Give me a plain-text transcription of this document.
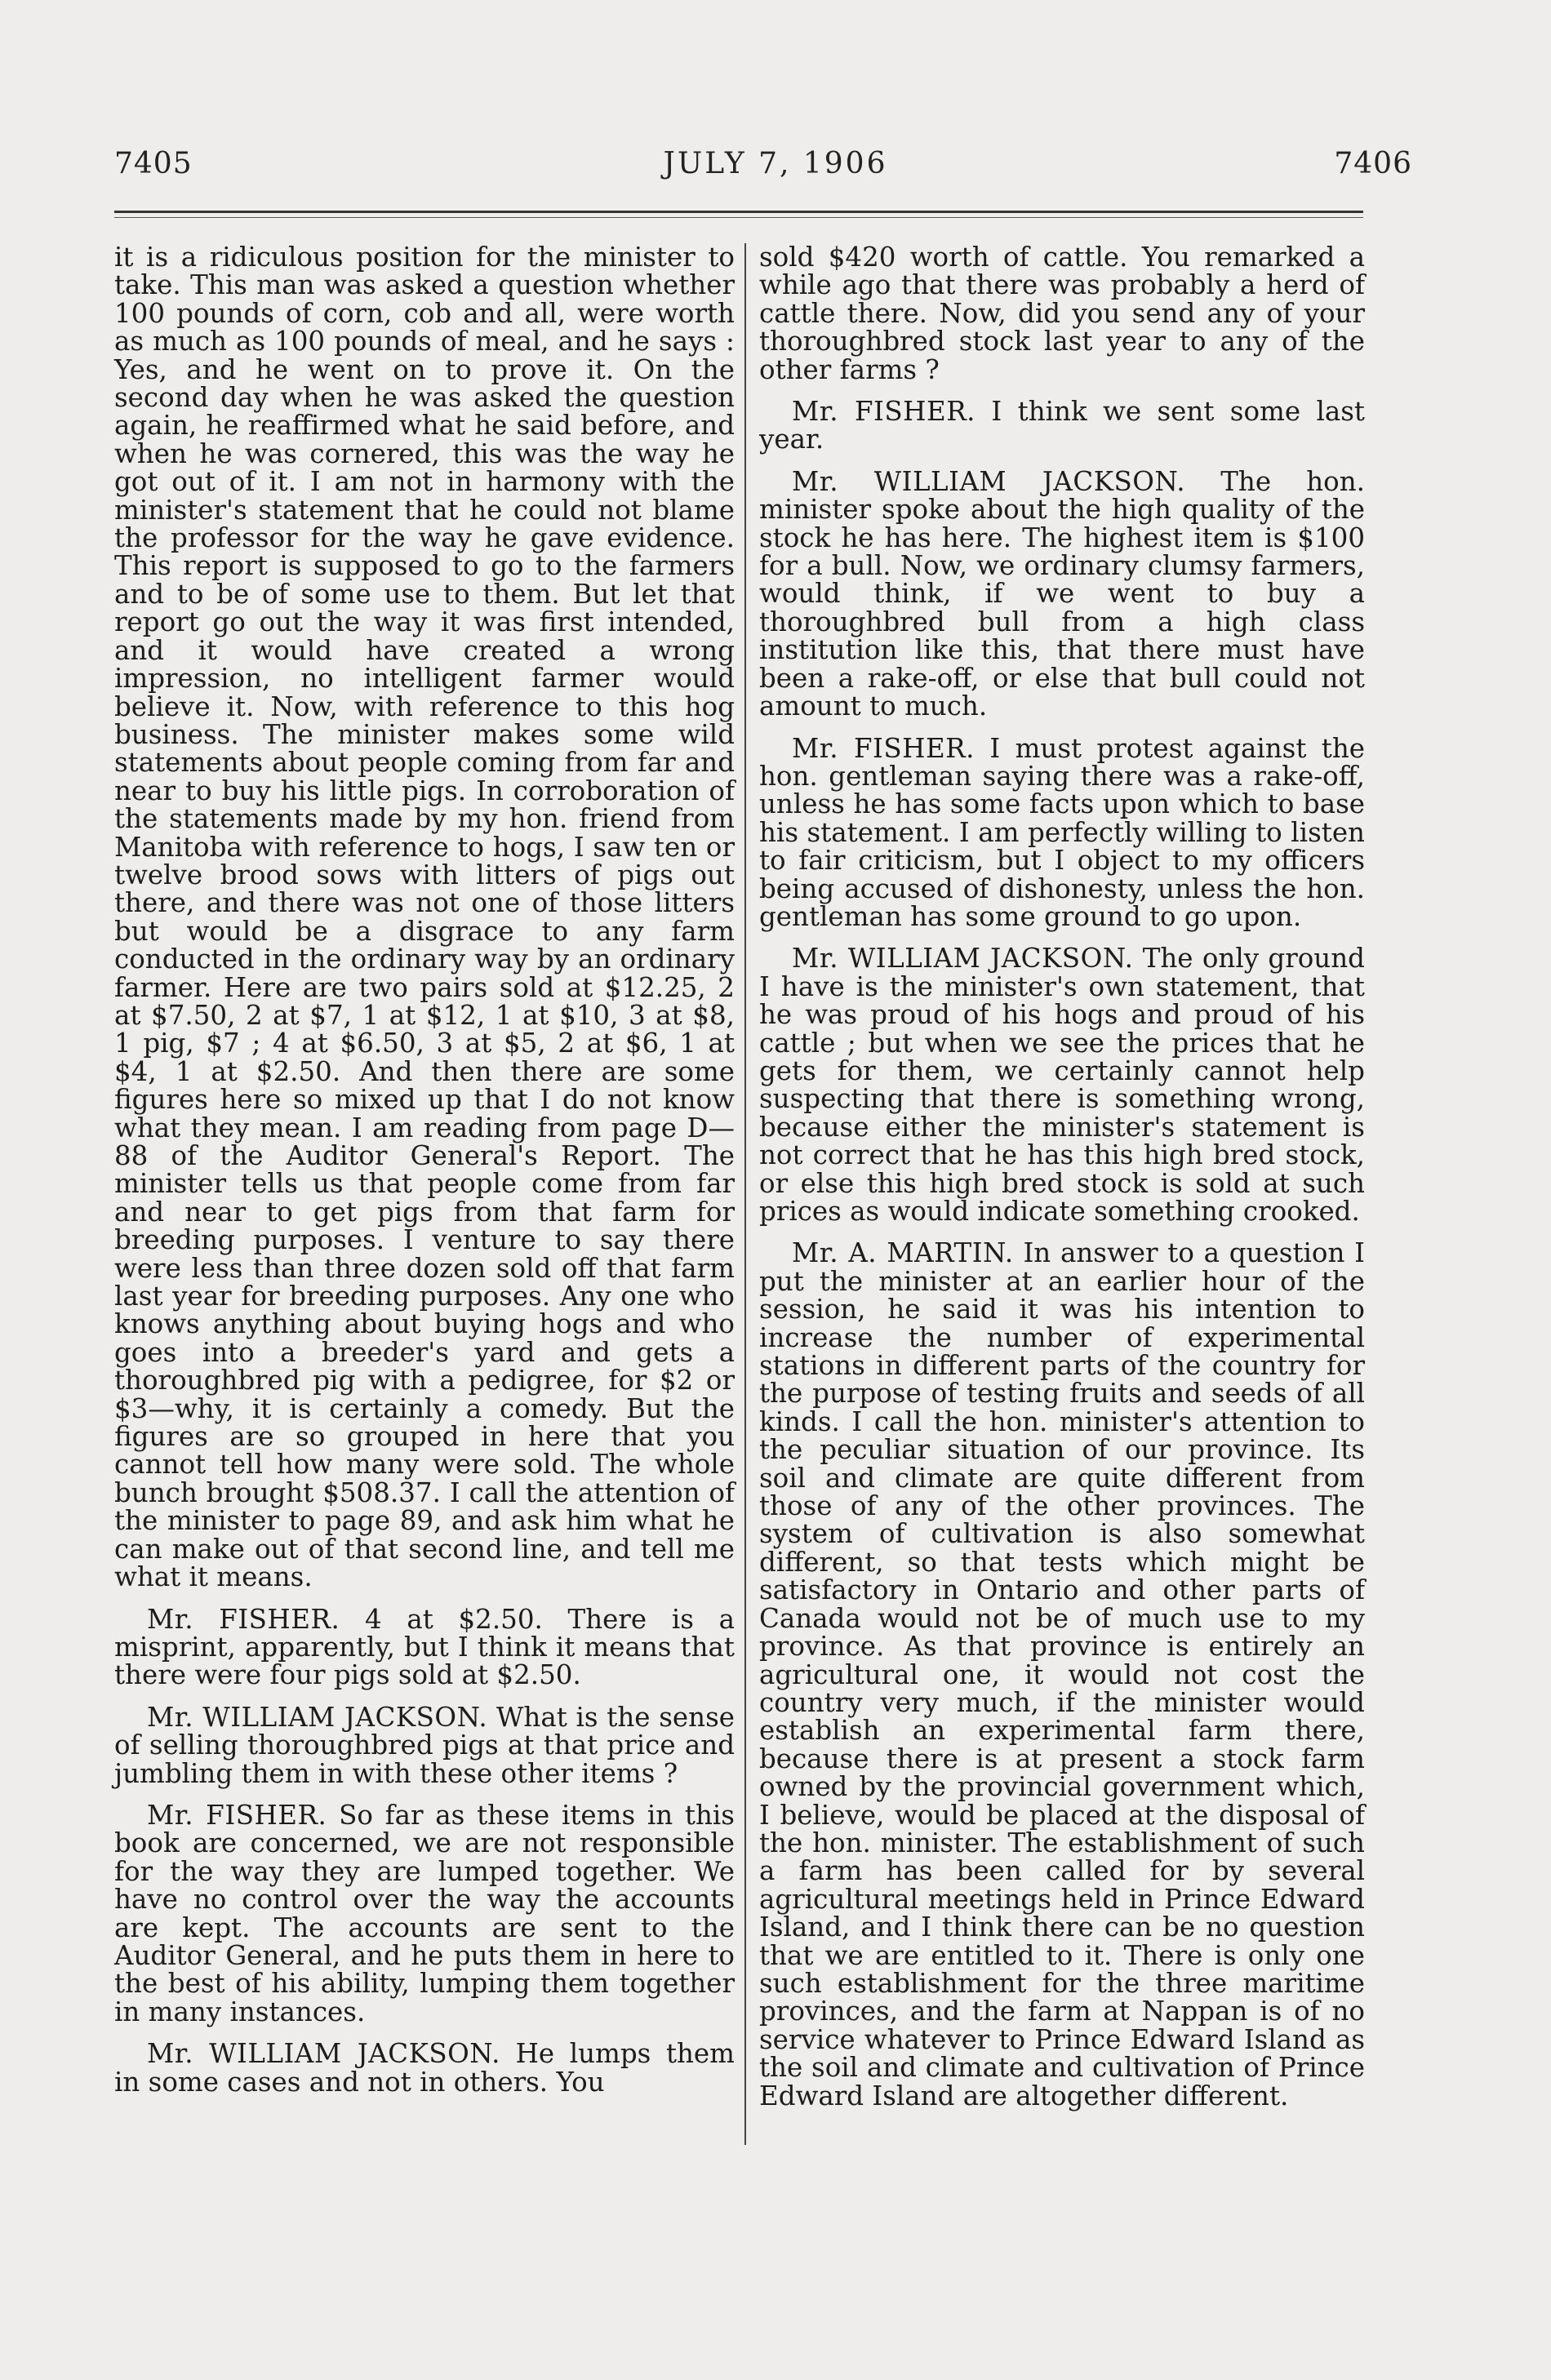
7405	JULY 7, 1906	7406

it is a ridiculous position for the minister to take. This man was asked a question whether 100 pounds of corn, cob and all, were worth as much as 100 pounds of meal, and he says : Yes, and he went on to prove it. On the second day when he was asked the question again, he reaffirmed what he said before, and when he was cornered, this was the way he got out of it. I am not in harmony with the minister's statement that he could not blame the professor for the way he gave evidence. This report is supposed to go to the farmers and to be of some use to them. But let that report go out the way it was first intended, and it would have created a wrong impression, no intelligent farmer would believe it. Now, with reference to this hog business. The minister makes some wild statements about people coming from far and near to buy his little pigs. In corroboration of the statements made by my hon. friend from Manitoba with reference to hogs, I saw ten or twelve brood sows with litters of pigs out there, and there was not one of those litters but would be a disgrace to any farm conducted in the ordinary way by an ordinary farmer. Here are two pairs sold at $12.25, 2 at $7.50, 2 at $7, 1 at $12, 1 at $10, 3 at $8, 1 pig, $7 ; 4 at $6.50, 3 at $5, 2 at $6, 1 at $4, 1 at $2.50. And then there are some figures here so mixed up that I do not know what they mean. I am reading from page D—88 of the Auditor General's Report. The minister tells us that people come from far and near to get pigs from that farm for breeding purposes. I venture to say there were less than three dozen sold off that farm last year for breeding purposes. Any one who knows anything about buying hogs and who goes into a breeder's yard and gets a thoroughbred pig with a pedigree, for $2 or $3—why, it is certainly a comedy. But the figures are so grouped in here that you cannot tell how many were sold. The whole bunch brought $508.37. I call the attention of the minister to page 89, and ask him what he can make out of that second line, and tell me what it means.

Mr. FISHER. 4 at $2.50. There is a misprint, apparently, but I think it means that there were four pigs sold at $2.50.

Mr. WILLIAM JACKSON. What is the sense of selling thoroughbred pigs at that price and jumbling them in with these other items ?

Mr. FISHER. So far as these items in this book are concerned, we are not responsible for the way they are lumped together. We have no control over the way the accounts are kept. The accounts are sent to the Auditor General, and he puts them in here to the best of his ability, lumping them together in many instances.

Mr. WILLIAM JACKSON. He lumps them in some cases and not in others. You

sold $420 worth of cattle. You remarked a while ago that there was probably a herd of cattle there. Now, did you send any of your thoroughbred stock last year to any of the other farms ?

Mr. FISHER. I think we sent some last year.

Mr. WILLIAM JACKSON. The hon. minister spoke about the high quality of the stock he has here. The highest item is $100 for a bull. Now, we ordinary clumsy farmers, would think, if we went to buy a thoroughbred bull from a high class institution like this, that there must have been a rake-off, or else that bull could not amount to much.

Mr. FISHER. I must protest against the hon. gentleman saying there was a rake-off, unless he has some facts upon which to base his statement. I am perfectly willing to listen to fair criticism, but I object to my officers being accused of dishonesty, unless the hon. gentleman has some ground to go upon.

Mr. WILLIAM JACKSON. The only ground I have is the minister's own statement, that he was proud of his hogs and proud of his cattle ; but when we see the prices that he gets for them, we certainly cannot help suspecting that there is something wrong, because either the minister's statement is not correct that he has this high bred stock, or else this high bred stock is sold at such prices as would indicate something crooked.

Mr. A. MARTIN. In answer to a question I put the minister at an earlier hour of the session, he said it was his intention to increase the number of experimental stations in different parts of the country for the purpose of testing fruits and seeds of all kinds. I call the hon. minister's attention to the peculiar situation of our province. Its soil and climate are quite different from those of any of the other provinces. The system of cultivation is also somewhat different, so that tests which might be satisfactory in Ontario and other parts of Canada would not be of much use to my province. As that province is entirely an agricultural one, it would not cost the country very much, if the minister would establish an experimental farm there, because there is at present a stock farm owned by the provincial government which, I believe, would be placed at the disposal of the hon. minister. The establishment of such a farm has been called for by several agricultural meetings held in Prince Edward Island, and I think there can be no question that we are entitled to it. There is only one such establishment for the three maritime provinces, and the farm at Nappan is of no service whatever to Prince Edward Island as the soil and climate and cultivation of Prince Edward Island are altogether different.
